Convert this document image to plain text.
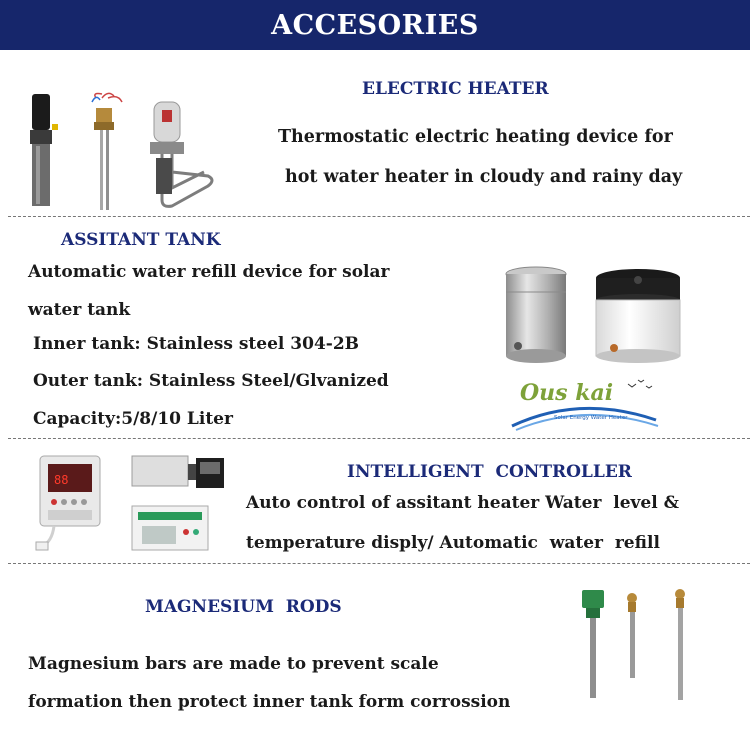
ACCESORIES
ELECTRIC HEATER
Thermostatic electric heating device for
hot water heater in cloudy and rainy day
ASSITANT TANK
Automatic water refill device for solar
water tank
Inner tank: Stainless steel 304-2B
Outer tank: Stainless Steel/Glvanized
Capacity:5/8/10 Liter
Ous kai
Solar Energy Water Heater
88	INTELLIGENT  CONTROLLER
Auto control of assitant heater Water  level &
temperature disply/ Automatic  water  refill
MAGNESIUM  RODS
Magnesium bars are made to prevent scale
formation then protect inner tank form corrossion
